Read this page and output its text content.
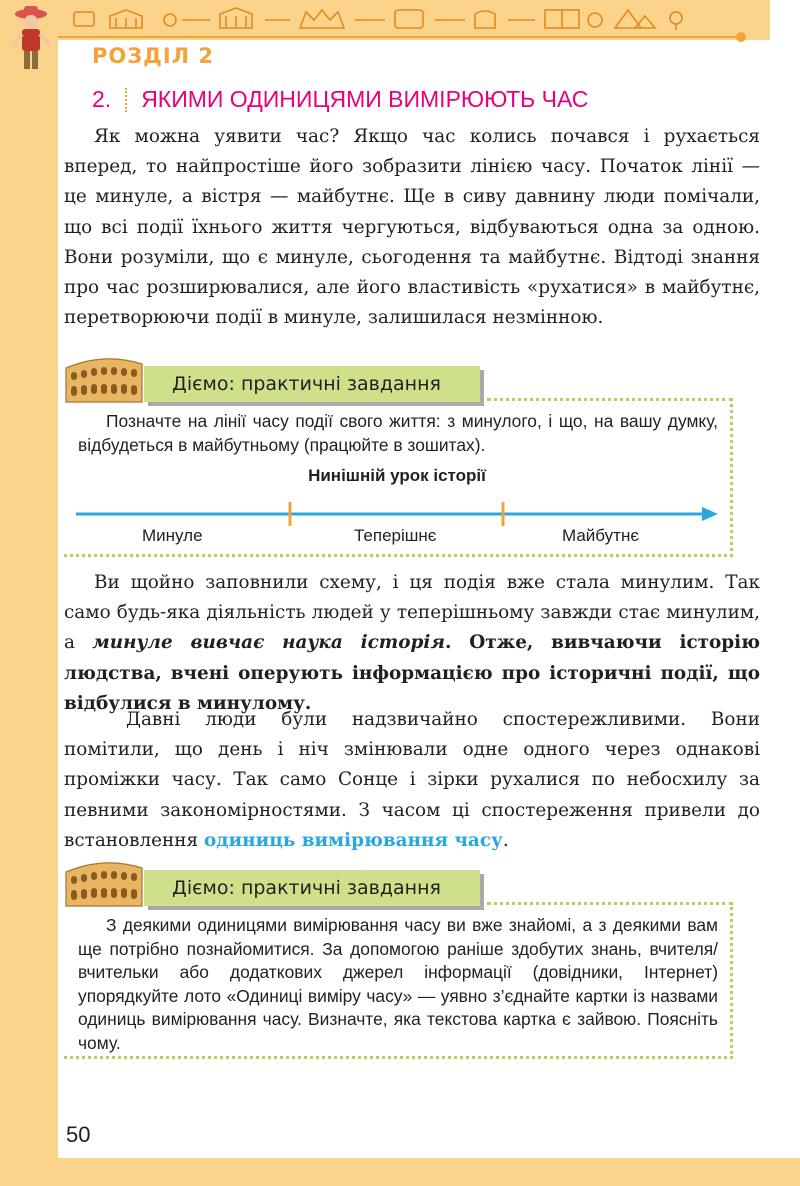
РОЗДІЛ 2
2. ЯКИМИ ОДИНИЦЯМИ ВИМІРЮЮТЬ ЧАС
Як можна уявити час? Якщо час колись почався і рухається вперед, то найпростіше його зобразити лінією часу. Початок лінії — це минуле, а вістря — майбутнє. Ще в сиву давнину люди помічали, що всі події їхнього життя чергуються, відбуваються одна за одною. Вони розуміли, що є минуле, сьогодення та майбутнє. Відтоді знання про час розширювалися, але його властивість «рухатися» в майбутнє, перетворюючи події в минуле, залишилася незмінною.
Діємо: практичні завдання
Позначте на лінії часу події свого життя: з минулого, і що, на вашу думку, відбудеться в майбутньому (працюйте в зошитах).
Нинішній урок історії
Минуле	Теперішнє	Майбутнє
Ви щойно заповнили схему, і ця подія вже стала минулим. Так само будь-яка діяльність людей у теперішньому завжди стає минулим, а минуле вивчає наука історія. Отже, вивчаючи історію людства, вчені оперують інформацією про історичні події, що відбулися в минулому.
Давні люди були надзвичайно спостережливими. Вони помітили, що день і ніч змінювали одне одного через однакові проміжки часу. Так само Сонце і зірки рухалися по небосхилу за певними закономірностями. З часом ці спостереження привели до встановлення одиниць вимірювання часу.
Діємо: практичні завдання
З деякими одиницями вимірювання часу ви вже знайомі, а з деякими вам ще потрібно познайомитися. За допомогою раніше здобутих знань, вчителя/вчительки або додаткових джерел інформації (довідники, Інтернет) упорядкуйте лото «Одиниці виміру часу» — уявно з’єднайте картки із назвами одиниць вимірювання часу. Визначте, яка текстова картка є зайвою. Поясніть чому.
50
